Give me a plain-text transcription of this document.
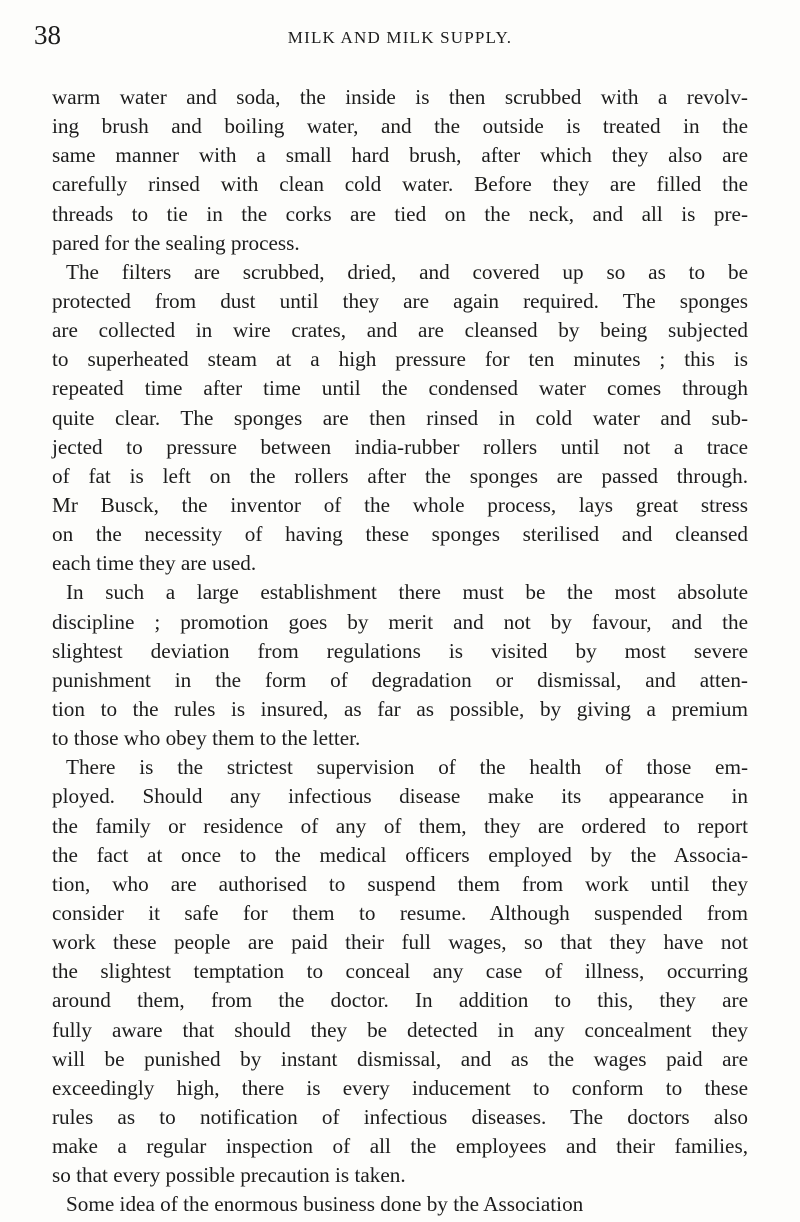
38	MILK AND MILK SUPPLY.
warm water and soda, the inside is then scrubbed with a revolv-
ing brush and boiling water, and the outside is treated in the
same manner with a small hard brush, after which they also are
carefully rinsed with clean cold water. Before they are filled the
threads to tie in the corks are tied on the neck, and all is pre-
pared for the sealing process.
The filters are scrubbed, dried, and covered up so as to be
protected from dust until they are again required. The sponges
are collected in wire crates, and are cleansed by being subjected
to superheated steam at a high pressure for ten minutes ; this is
repeated time after time until the condensed water comes through
quite clear. The sponges are then rinsed in cold water and sub-
jected to pressure between india-rubber rollers until not a trace
of fat is left on the rollers after the sponges are passed through.
Mr Busck, the inventor of the whole process, lays great stress
on the necessity of having these sponges sterilised and cleansed
each time they are used.
In such a large establishment there must be the most absolute
discipline ; promotion goes by merit and not by favour, and the
slightest deviation from regulations is visited by most severe
punishment in the form of degradation or dismissal, and atten-
tion to the rules is insured, as far as possible, by giving a premium
to those who obey them to the letter.
There is the strictest supervision of the health of those em-
ployed. Should any infectious disease make its appearance in
the family or residence of any of them, they are ordered to report
the fact at once to the medical officers employed by the Associa-
tion, who are authorised to suspend them from work until they
consider it safe for them to resume. Although suspended from
work these people are paid their full wages, so that they have not
the slightest temptation to conceal any case of illness, occurring
around them, from the doctor. In addition to this, they are
fully aware that should they be detected in any concealment they
will be punished by instant dismissal, and as the wages paid are
exceedingly high, there is every inducement to conform to these
rules as to notification of infectious diseases. The doctors also
make a regular inspection of all the employees and their families,
so that every possible precaution is taken.
Some idea of the enormous business done by the Association
